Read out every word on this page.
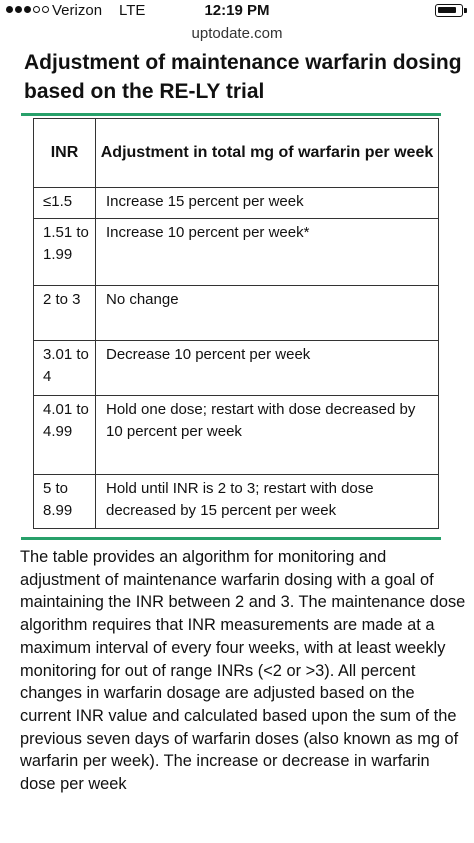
Verizon LTE	12:19 PM
uptodate.com
Adjustment of maintenance warfarin dosing based on the RE-LY trial
INR	Adjustment in total mg of warfarin per week
≤1.5	Increase 15 percent per week
1.51 to 1.99	Increase 10 percent per week*
2 to 3	No change
3.01 to 4	Decrease 10 percent per week
4.01 to 4.99	Hold one dose; restart with dose decreased by 10 percent per week
5 to 8.99	Hold until INR is 2 to 3; restart with dose decreased by 15 percent per week
The table provides an algorithm for monitoring and adjustment of maintenance warfarin dosing with a goal of maintaining the INR between 2 and 3. The maintenance dose algorithm requires that INR measurements are made at a maximum interval of every four weeks, with at least weekly monitoring for out of range INRs (<2 or >3). All percent changes in warfarin dosage are adjusted based on the current INR value and calculated based upon the sum of the previous seven days of warfarin doses (also known as mg of warfarin per week). The increase or decrease in warfarin dose per week
